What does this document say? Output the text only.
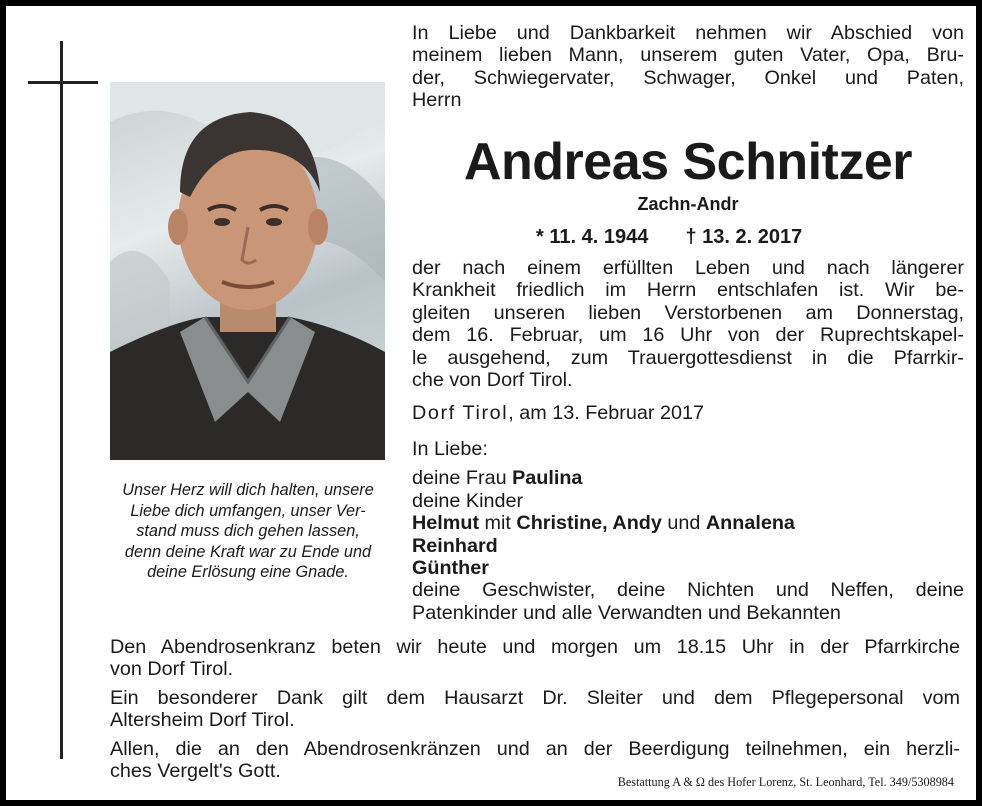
Unser Herz will dich halten, unsere
Liebe dich umfangen, unser Ver-
stand muss dich gehen lassen,
denn deine Kraft war zu Ende und
deine Erlösung eine Gnade.
In Liebe und Dankbarkeit nehmen wir Abschied von
meinem lieben Mann, unserem guten Vater, Opa, Bru-
der, Schwiegervater, Schwager, Onkel und Paten,
Herrn
Andreas Schnitzer
Zachn-Andr
* 11. 4. 1944 † 13. 2. 2017
der nach einem erfüllten Leben und nach längerer
Krankheit friedlich im Herrn entschlafen ist. Wir be-
gleiten unseren lieben Verstorbenen am Donnerstag,
dem 16. Februar, um 16 Uhr von der Ruprechtskapel-
le ausgehend, zum Trauergottesdienst in die Pfarrkir-
che von Dorf Tirol.
Dorf Tirol, am 13. Februar 2017
In Liebe:
deine Frau Paulina
deine Kinder
Helmut mit Christine, Andy und Annalena
Reinhard
Günther
deine Geschwister, deine Nichten und Neffen, deine
Patenkinder und alle Verwandten und Bekannten
Den Abendrosenkranz beten wir heute und morgen um 18.15 Uhr in der Pfarrkirche
von Dorf Tirol.
Ein besonderer Dank gilt dem Hausarzt Dr. Sleiter und dem Pflegepersonal vom
Altersheim Dorf Tirol.
Allen, die an den Abendrosenkränzen und an der Beerdigung teilnehmen, ein herzli-
ches Vergelt's Gott.	Bestattung A & Ω des Hofer Lorenz, St. Leonhard, Tel. 349/5308984
